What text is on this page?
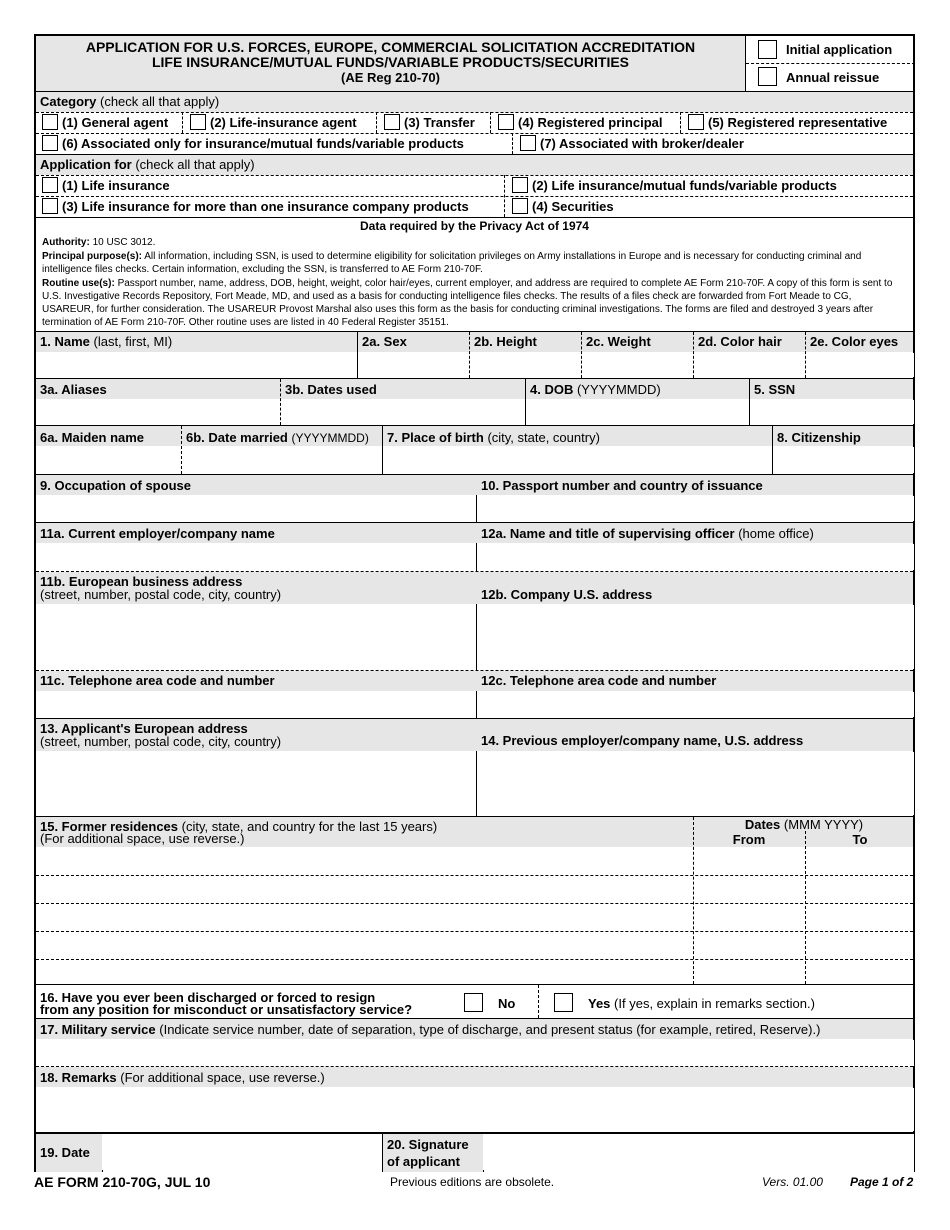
APPLICATION FOR U.S. FORCES, EUROPE, COMMERCIAL SOLICITATION ACCREDITATION
LIFE INSURANCE/MUTUAL FUNDS/VARIABLE PRODUCTS/SECURITIES
(AE Reg 210-70)
Initial application
Annual reissue
Category (check all that apply)
(1) General agent	(2) Life-insurance agent	(3) Transfer	(4) Registered principal	(5) Registered representative
(6) Associated only for insurance/mutual funds/variable products	(7) Associated with broker/dealer
Application for (check all that apply)
(1) Life insurance	(2) Life insurance/mutual funds/variable products
(3) Life insurance for more than one insurance company products	(4) Securities
Data required by the Privacy Act of 1974
Authority: 10 USC 3012.
Principal purpose(s): All information, including SSN, is used to determine eligibility for solicitation privileges on Army installations in Europe and is necessary for conducting criminal and intelligence files checks. Certain information, excluding the SSN, is transferred to AE Form 210-70F.
Routine use(s): Passport number, name, address, DOB, height, weight, color hair/eyes, current employer, and address are required to complete AE Form 210-70F. A copy of this form is sent to U.S. Investigative Records Repository, Fort Meade, MD, and used as a basis for conducting intelligence files checks. The results of a files check are forwarded from Fort Meade to CG, USAREUR, for further consideration. The USAREUR Provost Marshal also uses this form as the basis for conducting criminal investigations. The forms are filed and destroyed 3 years after termination of AE Form 210-70F. Other routine uses are listed in 40 Federal Register 35151.
1. Name (last, first, MI)	2a. Sex	2b. Height	2c. Weight	2d. Color hair 2e. Color eyes
3a. Aliases	3b. Dates used	4. DOB (YYYYMMDD)	5. SSN
6a. Maiden name	6b. Date married (YYYYMMDD) 7. Place of birth (city, state, country)	8. Citizenship
9. Occupation of spouse	10. Passport number and country of issuance
11a. Current employer/company name	12a. Name and title of supervising officer (home office)
11b. European business address
(street, number, postal code, city, country)	12b. Company U.S. address
11c. Telephone area code and number	12c. Telephone area code and number
13. Applicant's European address
(street, number, postal code, city, country)	14. Previous employer/company name, U.S. address
15. Former residences (city, state, and country for the last 15 years)
(For additional space, use reverse.)
Dates (MMM YYYY)
From	To
16. Have you ever been discharged or forced to resign
from any position for misconduct or unsatisfactory service?	No	Yes (If yes, explain in remarks section.)
17. Military service (Indicate service number, date of separation, type of discharge, and present status (for example, retired, Reserve).)
18. Remarks (For additional space, use reverse.)
19. Date
20. Signature
of applicant
AE FORM 210-70G, JUL 10	Previous editions are obsolete.	Vers. 01.00 Page 1 of 2
